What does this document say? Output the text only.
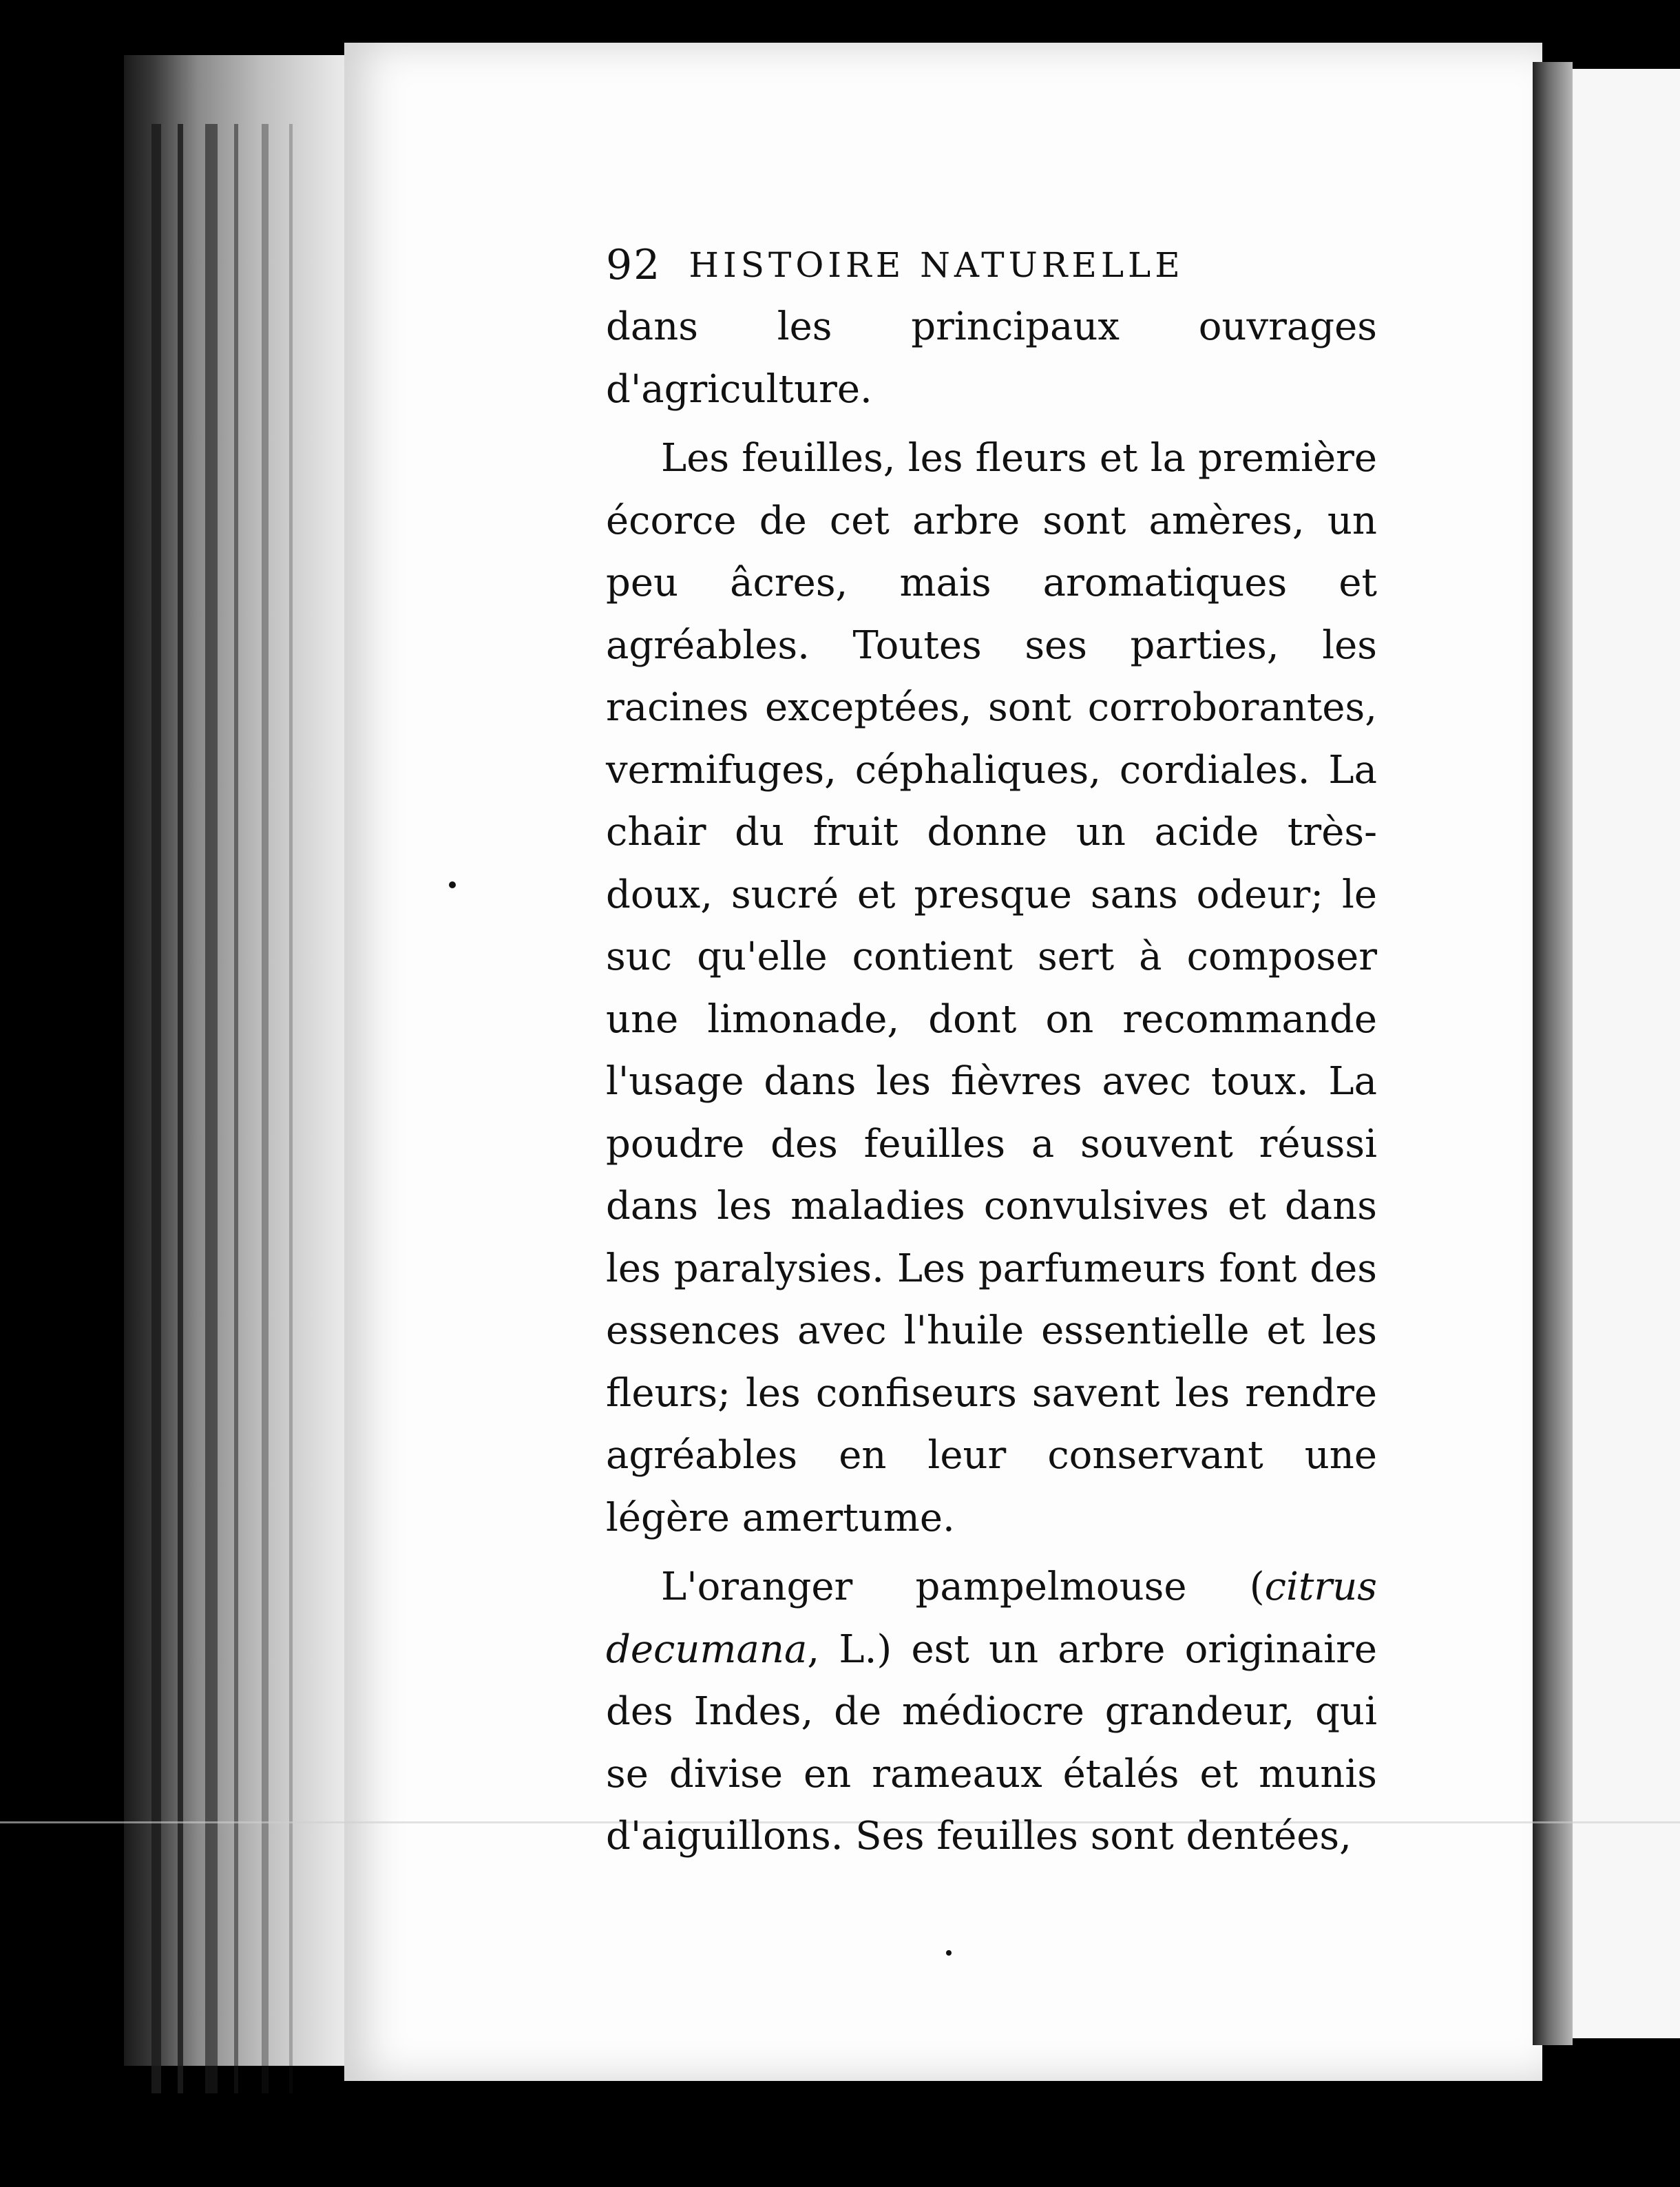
92 HISTOIRE NATURELLE

dans les principaux ouvrages d'agriculture.

Les feuilles, les fleurs et la première écorce de cet arbre sont amères, un peu âcres, mais aromatiques et agréables. Toutes ses parties, les racines exceptées, sont corroborantes, vermifuges, céphaliques, cordiales. La chair du fruit donne un acide très-doux, sucré et presque sans odeur; le suc qu'elle contient sert à composer une limonade, dont on recommande l'usage dans les fièvres avec toux. La poudre des feuilles a souvent réussi dans les maladies convulsives et dans les paralysies. Les parfumeurs font des essences avec l'huile essentielle et les fleurs; les confiseurs savent les rendre agréables en leur conservant une légère amertume.

L'oranger pampelmouse (citrus decumana, L.) est un arbre originaire des Indes, de médiocre grandeur, qui se divise en rameaux étalés et munis d'aiguillons. Ses feuilles sont dentées,
